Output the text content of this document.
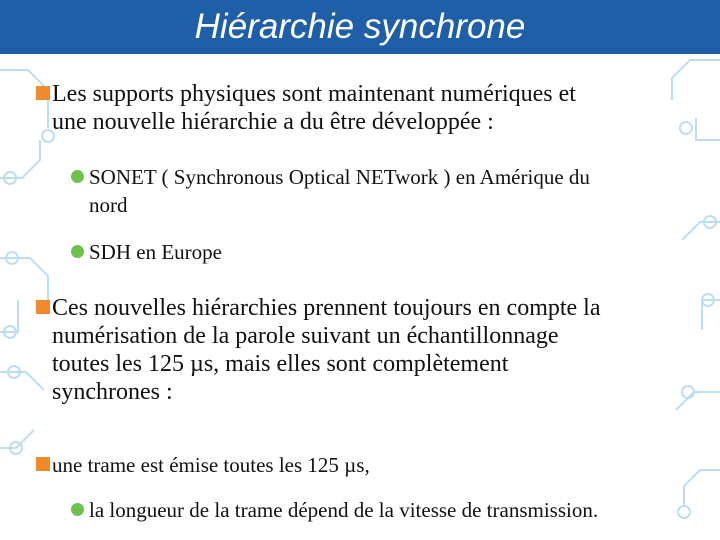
Hiérarchie synchrone
Les supports physiques sont maintenant numériques et
une nouvelle hiérarchie a du être développée :
SONET ( Synchronous Optical NETwork ) en Amérique du
nord
SDH en Europe
Ces nouvelles hiérarchies prennent toujours en compte la
numérisation de la parole suivant un échantillonnage
toutes les 125 µs, mais elles sont complètement
synchrones :
une trame est émise toutes les 125 µs,
la longueur de la trame dépend de la vitesse de transmission.
